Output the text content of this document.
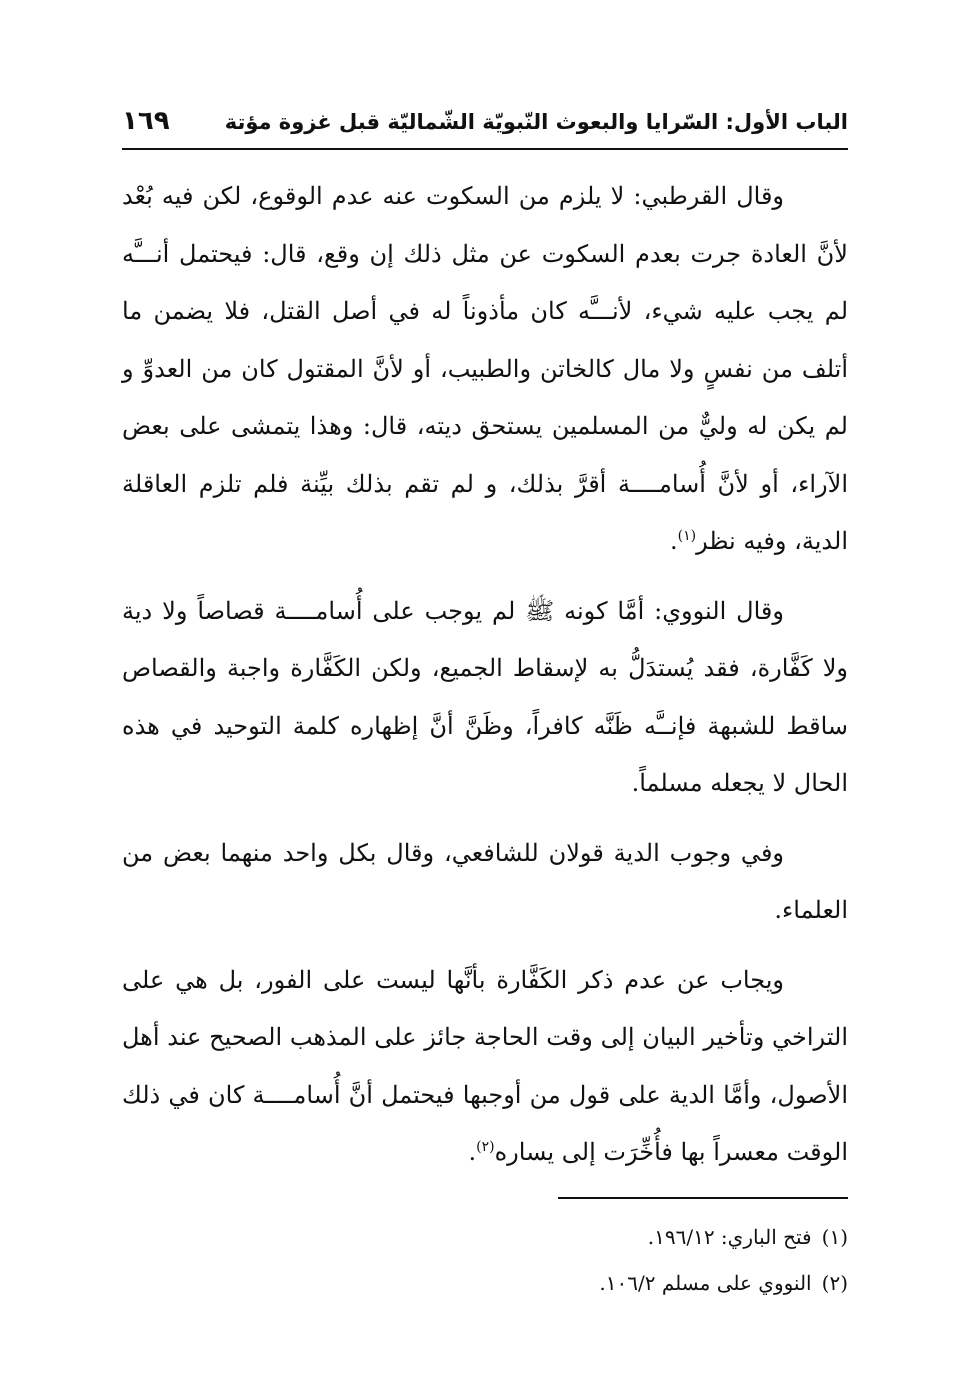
الباب الأول: السّرايا والبعوث النّبويّة الشّماليّة قبل غزوة مؤتة
١٦٩

وقال القرطبي: لا يلزم من السكوت عنه عدم الوقوع، لكن فيه بُعْد لأنَّ العادة جرت بعدم السكوت عن مثل ذلك إن وقع، قال: فيحتمل أنـــَّه لم يجب عليه شيء، لأنـــَّه كان مأذوناً له في أصل القتل، فلا يضمن ما أتلف من نفسٍ ولا مال كالخاتن والطبيب، أو لأنَّ المقتول كان من العدوِّ و لم يكن له وليٌّ من المسلمين يستحق ديته، قال: وهذا يتمشى على بعض الآراء، أو لأنَّ أُسامــــة أقرَّ بذلك، و لم تقم بذلك بيِّنة فلم تلزم العاقلة الدية، وفيه نظر$^{(١)}$.

وقال النووي: أمَّا كونه ﷺ لم يوجب على أُسامــــة قصاصاً ولا دية ولا كَفَّارة، فقد يُستدَلُّ به لإسقاط الجميع، ولكن الكَفَّارة واجبة والقصاص ساقط للشبهة فإنــَّه ظَنَّه كافراً، وظَنَّ أنَّ إظهاره كلمة التوحيد في هذه الحال لا يجعله مسلماً.

وفي وجوب الدية قولان للشافعي، وقال بكل واحد منهما بعض من العلماء.

ويجاب عن عدم ذكر الكَفَّارة بأنَّها ليست على الفور، بل هي على التراخي وتأخير البيان إلى وقت الحاجة جائز على المذهب الصحيح عند أهل الأصول، وأمَّا الدية على قول من أوجبها فيحتمل أنَّ أُسامــــة كان في ذلك الوقت معسراً بها فأُخِّرَت إلى يساره$^{(٢)}$.

(١)فتح الباري: ١٩٦/١٢.
(٢)النووي على مسلم ١٠٦/٢.
